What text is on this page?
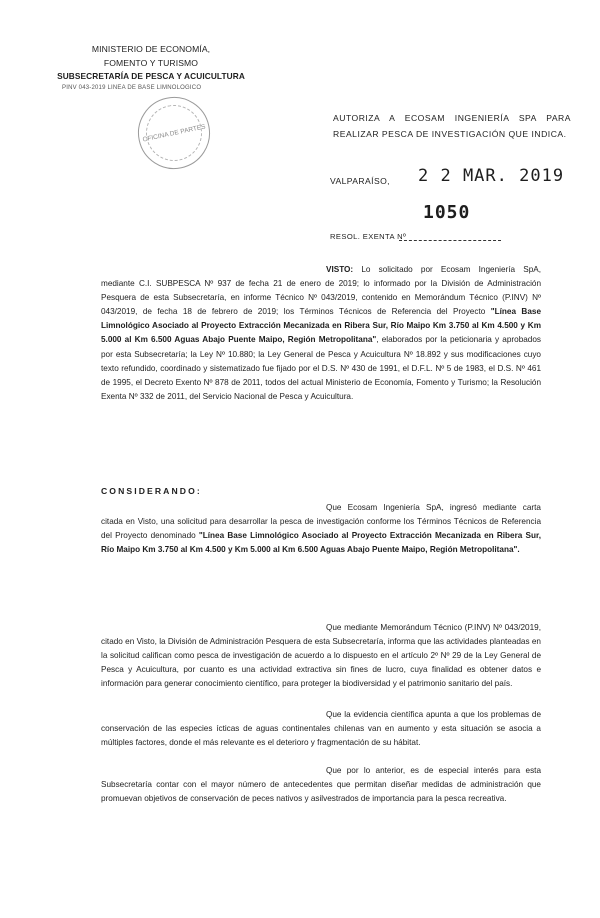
MINISTERIO DE ECONOMÍA,
FOMENTO Y TURISMO
SUBSECRETARÍA DE PESCA Y ACUICULTURA
PINV 043-2019 LINEA DE BASE LIMNOLOGICO
OFICINA DE PARTES
AUTORIZA A ECOSAM INGENIERÍA SPA PARA REALIZAR PESCA DE INVESTIGACIÓN QUE INDICA.
VALPARAÍSO, 2 2 MAR. 2019
RESOL. EXENTA Nº
1050
VISTO: Lo solicitado por Ecosam Ingeniería SpA, mediante C.I. SUBPESCA Nº 937 de fecha 21 de enero de 2019; lo informado por la División de Administración Pesquera de esta Subsecretaría, en informe Técnico Nº 043/2019, contenido en Memorándum Técnico (P.INV) Nº 043/2019, de fecha 18 de febrero de 2019; los Términos Técnicos de Referencia del Proyecto "Línea Base Limnológico Asociado al Proyecto Extracción Mecanizada en Ribera Sur, Río Maipo Km 3.750 al Km 4.500 y Km 5.000 al Km 6.500 Aguas Abajo Puente Maipo, Región Metropolitana", elaborados por la peticionaria y aprobados por esta Subsecretaría; la Ley Nº 10.880; la Ley General de Pesca y Acuicultura Nº 18.892 y sus modificaciones cuyo texto refundido, coordinado y sistematizado fue fijado por el D.S. Nº 430 de 1991, el D.F.L. Nº 5 de 1983, el D.S. Nº 461 de 1995, el Decreto Exento Nº 878 de 2011, todos del actual Ministerio de Economía, Fomento y Turismo; la Resolución Exenta Nº 332 de 2011, del Servicio Nacional de Pesca y Acuicultura.
CONSIDERANDO:
Que Ecosam Ingeniería SpA, ingresó mediante carta citada en Visto, una solicitud para desarrollar la pesca de investigación conforme los Términos Técnicos de Referencia del Proyecto denominado "Línea Base Limnológico Asociado al Proyecto Extracción Mecanizada en Ribera Sur, Río Maipo Km 3.750 al Km 4.500 y Km 5.000 al Km 6.500 Aguas Abajo Puente Maipo, Región Metropolitana".
Que mediante Memorándum Técnico (P.INV) Nº 043/2019, citado en Visto, la División de Administración Pesquera de esta Subsecretaría, informa que las actividades planteadas en la solicitud califican como pesca de investigación de acuerdo a lo dispuesto en el artículo 2º Nº 29 de la Ley General de Pesca y Acuicultura, por cuanto es una actividad extractiva sin fines de lucro, cuya finalidad es obtener datos e información para generar conocimiento científico, para proteger la biodiversidad y el patrimonio sanitario del país.
Que la evidencia científica apunta a que los problemas de conservación de las especies ícticas de aguas continentales chilenas van en aumento y esta situación se asocia a múltiples factores, donde el más relevante es el deterioro y fragmentación de su hábitat.
Que por lo anterior, es de especial interés para esta Subsecretaría contar con el mayor número de antecedentes que permitan diseñar medidas de administración que promuevan objetivos de conservación de peces nativos y asilvestrados de importancia para la pesca recreativa.
